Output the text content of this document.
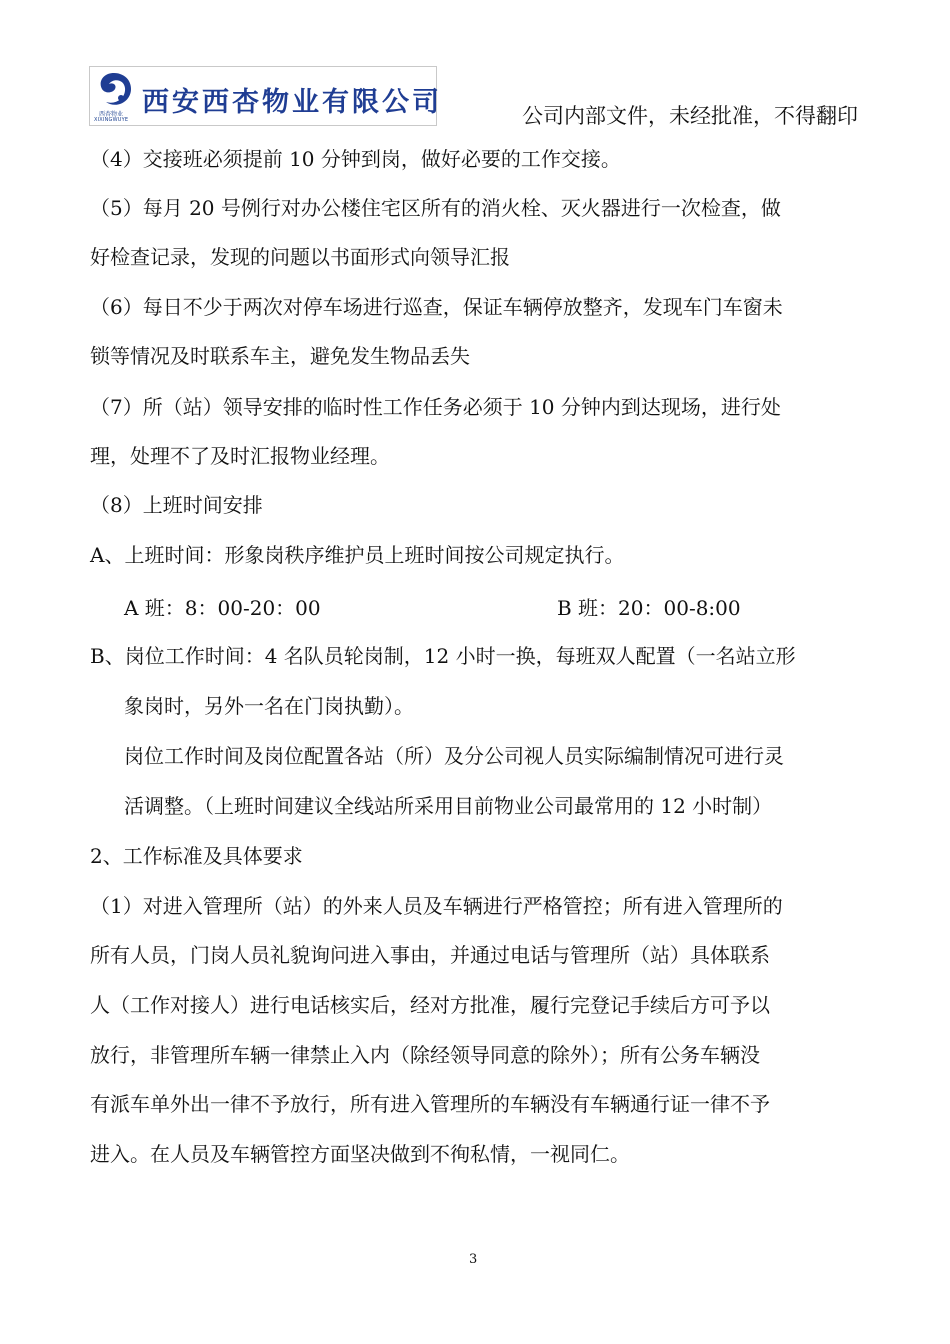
西杏物业
XIXINGWUYE
西安西杏物业有限公司	公司内部文件，未经批准，不得翻印
（4）交接班必须提前 10 分钟到岗，做好必要的工作交接。
（5）每月 20 号例行对办公楼住宅区所有的消火栓、灭火器进行一次检查，做
好检查记录，发现的问题以书面形式向领导汇报
（6）每日不少于两次对停车场进行巡查，保证车辆停放整齐，发现车门车窗未
锁等情况及时联系车主，避免发生物品丢失
（7）所（站）领导安排的临时性工作任务必须于 10 分钟内到达现场，进行处
理，处理不了及时汇报物业经理。
（8）上班时间安排
A、上班时间：形象岗秩序维护员上班时间按公司规定执行。
A 班：8：00-20：00	B 班：20：00-8:00
B、岗位工作时间：4 名队员轮岗制，12 小时一换，每班双人配置（一名站立形
象岗时，另外一名在门岗执勤）。
岗位工作时间及岗位配置各站（所）及分公司视人员实际编制情况可进行灵
活调整。（上班时间建议全线站所采用目前物业公司最常用的 12 小时制）
2、工作标准及具体要求
（1）对进入管理所（站）的外来人员及车辆进行严格管控；所有进入管理所的
所有人员，门岗人员礼貌询问进入事由，并通过电话与管理所（站）具体联系
人（工作对接人）进行电话核实后，经对方批准，履行完登记手续后方可予以
放行，非管理所车辆一律禁止入内（除经领导同意的除外）；所有公务车辆没
有派车单外出一律不予放行，所有进入管理所的车辆没有车辆通行证一律不予
进入。在人员及车辆管控方面坚决做到不徇私情，一视同仁。
3
